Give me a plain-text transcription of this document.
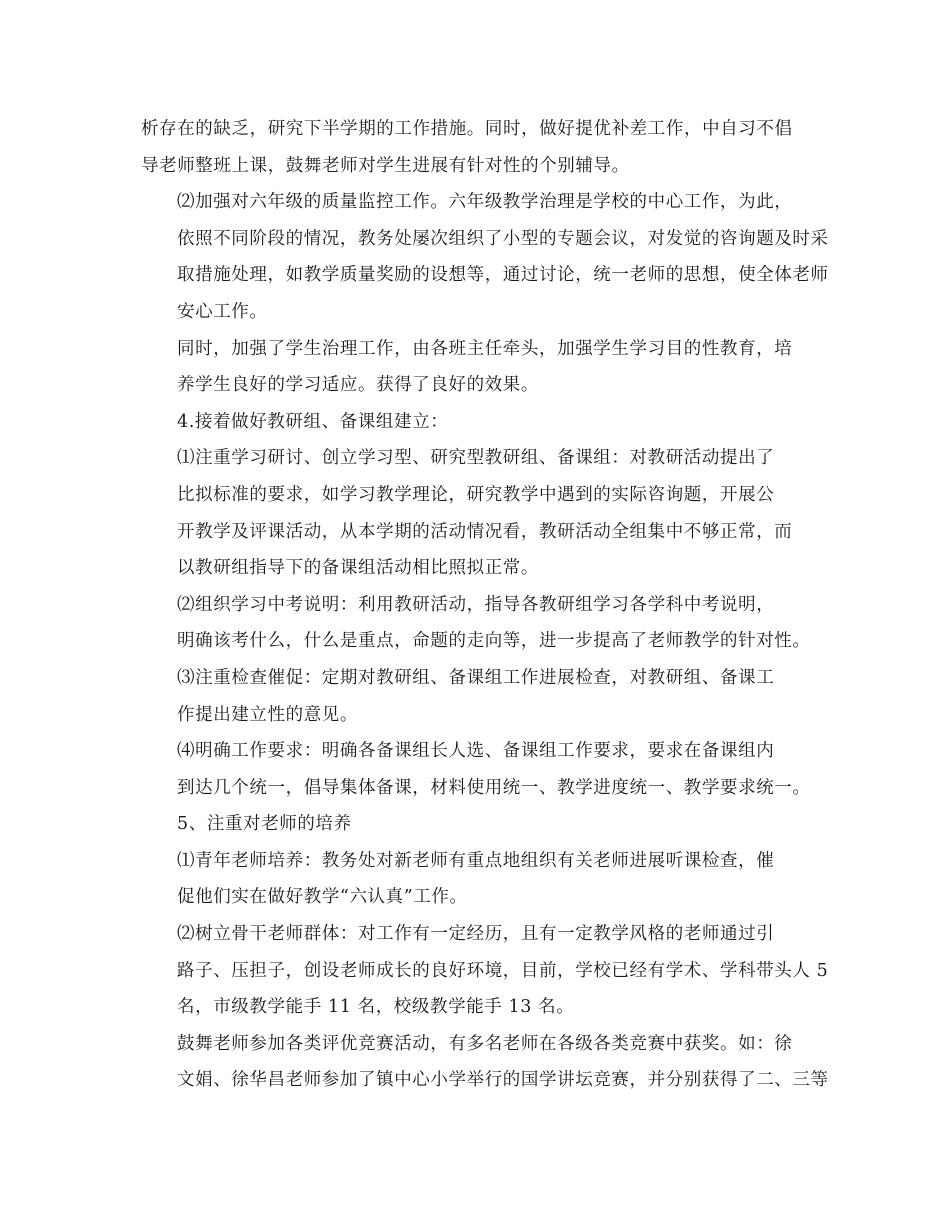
析存在的缺乏，研究下半学期的工作措施。同时，做好提优补差工作，中自习不倡
导老师整班上课，鼓舞老师对学生进展有针对性的个别辅导。

⑵加强对六年级的质量监控工作。六年级教学治理是学校的中心工作，为此，
依照不同阶段的情况，教务处屡次组织了小型的专题会议，对发觉的咨询题及时采
取措施处理，如教学质量奖励的设想等，通过讨论，统一老师的思想，使全体老师
安心工作。

同时，加强了学生治理工作，由各班主任牵头，加强学生学习目的性教育，培
养学生良好的学习适应。获得了良好的效果。

4.接着做好教研组、备课组建立：

⑴注重学习研讨、创立学习型、研究型教研组、备课组：对教研活动提出了
比拟标准的要求，如学习教学理论，研究教学中遇到的实际咨询题，开展公

开教学及评课活动，从本学期的活动情况看，教研活动全组集中不够正常，而
以教研组指导下的备课组活动相比照拟正常。

⑵组织学习中考说明：利用教研活动，指导各教研组学习各学科中考说明，
明确该考什么，什么是重点，命题的走向等，进一步提高了老师教学的针对性。

⑶注重检查催促：定期对教研组、备课组工作进展检查，对教研组、备课工
作提出建立性的意见。

⑷明确工作要求：明确各备课组长人选、备课组工作要求，要求在备课组内
到达几个统一，倡导集体备课，材料使用统一、教学进度统一、教学要求统一。

5、注重对老师的培养

⑴青年老师培养：教务处对新老师有重点地组织有关老师进展听课检查，催
促他们实在做好教学“六认真”工作。

⑵树立骨干老师群体：对工作有一定经历，且有一定教学风格的老师通过引
路子、压担子，创设老师成长的良好环境，目前，学校已经有学术、学科带头人 5
名，市级教学能手 11 名，校级教学能手 13 名。

鼓舞老师参加各类评优竞赛活动，有多名老师在各级各类竞赛中获奖。如：徐
文娟、徐华昌老师参加了镇中心小学举行的国学讲坛竞赛，并分别获得了二、三等
